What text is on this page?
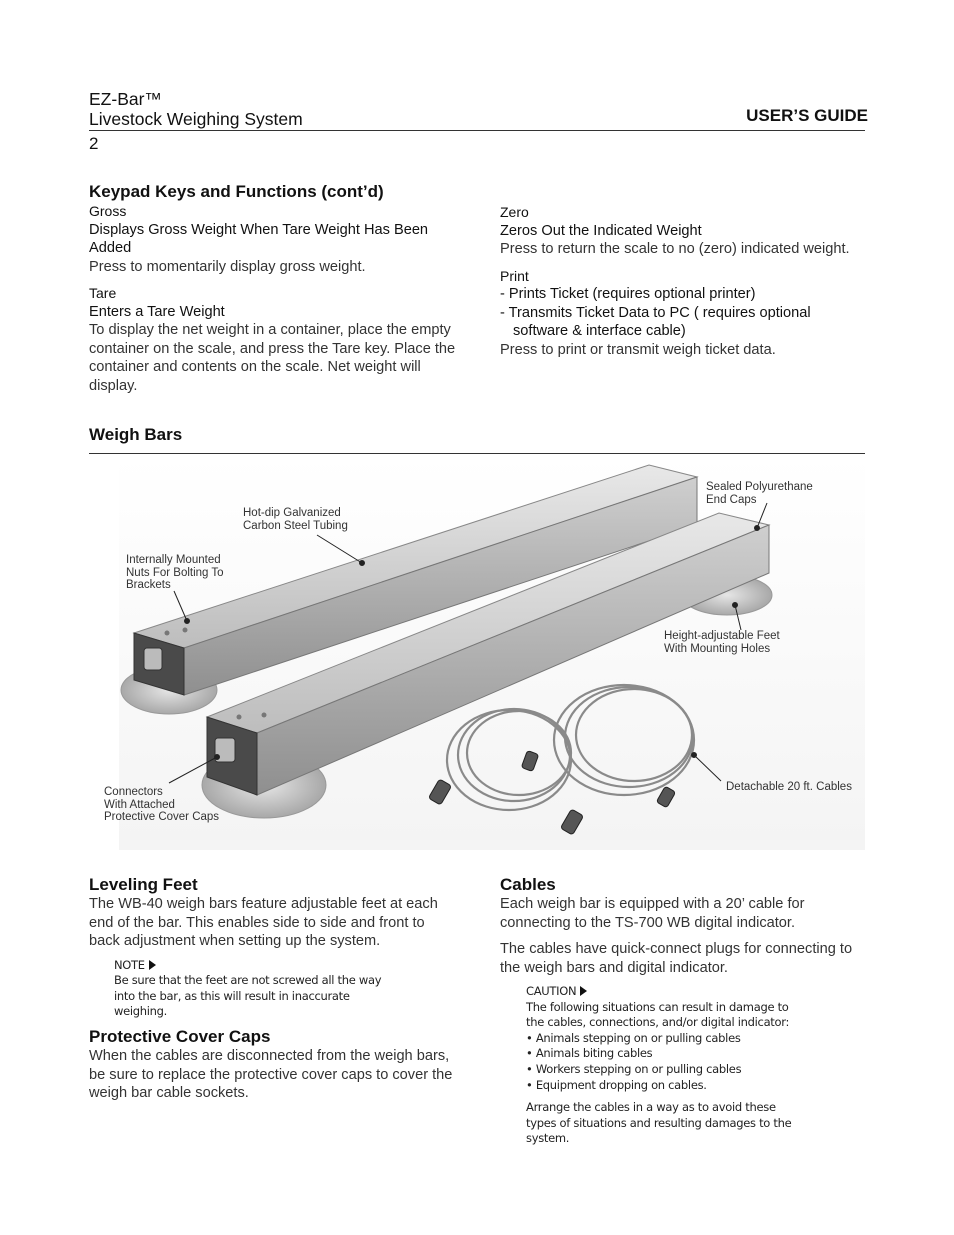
EZ-Bar™
Livestock Weighing System	USER’S GUIDE
2
Keypad Keys and Functions (cont’d)
Gross
Displays Gross Weight When Tare Weight Has Been Added
Press to momentarily display gross weight.
Tare
Enters a Tare Weight
To display the net weight in a container, place the empty container on the scale, and press the Tare key. Place the container and contents on the scale. Net weight will display.
Zero
Zeros Out the Indicated Weight
Press to return the scale to no (zero) indicated weight.
Print
- Prints Ticket (requires optional printer)
- Transmits Ticket Data to PC ( requires optional
software & interface cable)
Press to print or transmit weigh ticket data.
Weigh Bars
Hot-dip Galvanized
Carbon Steel Tubing
Sealed Polyurethane
End Caps
Internally Mounted
Nuts For Bolting To
Brackets
Height-adjustable Feet
With Mounting Holes
Connectors
With Attached
Protective Cover Caps
Detachable 20 ft. Cables
Leveling Feet

The WB-40 weigh bars feature adjustable feet at each end of the bar. This enables side to side and front to back adjustment when setting up the system.

NOTE
Be sure that the feet are not screwed all the way
into the bar, as this will result in inaccurate
weighing.
Protective Cover Caps

When the cables are disconnected from the weigh bars, be sure to replace the protective cover caps to cover the weigh bar cable sockets.

Cables

Each weigh bar is equipped with a 20’ cable for connecting to the TS-700 WB digital indicator.

The cables have quick-connect plugs for connecting to the weigh bars and digital indicator.

CAUTION
The following situations can result in damage to
the cables, connections, and/or digital indicator:
• Animals stepping on or pulling cables
• Animals biting cables
• Workers stepping on or pulling cables
• Equipment dropping on cables.
Arrange the cables in a way as to avoid these
types of situations and resulting damages to the
system.
